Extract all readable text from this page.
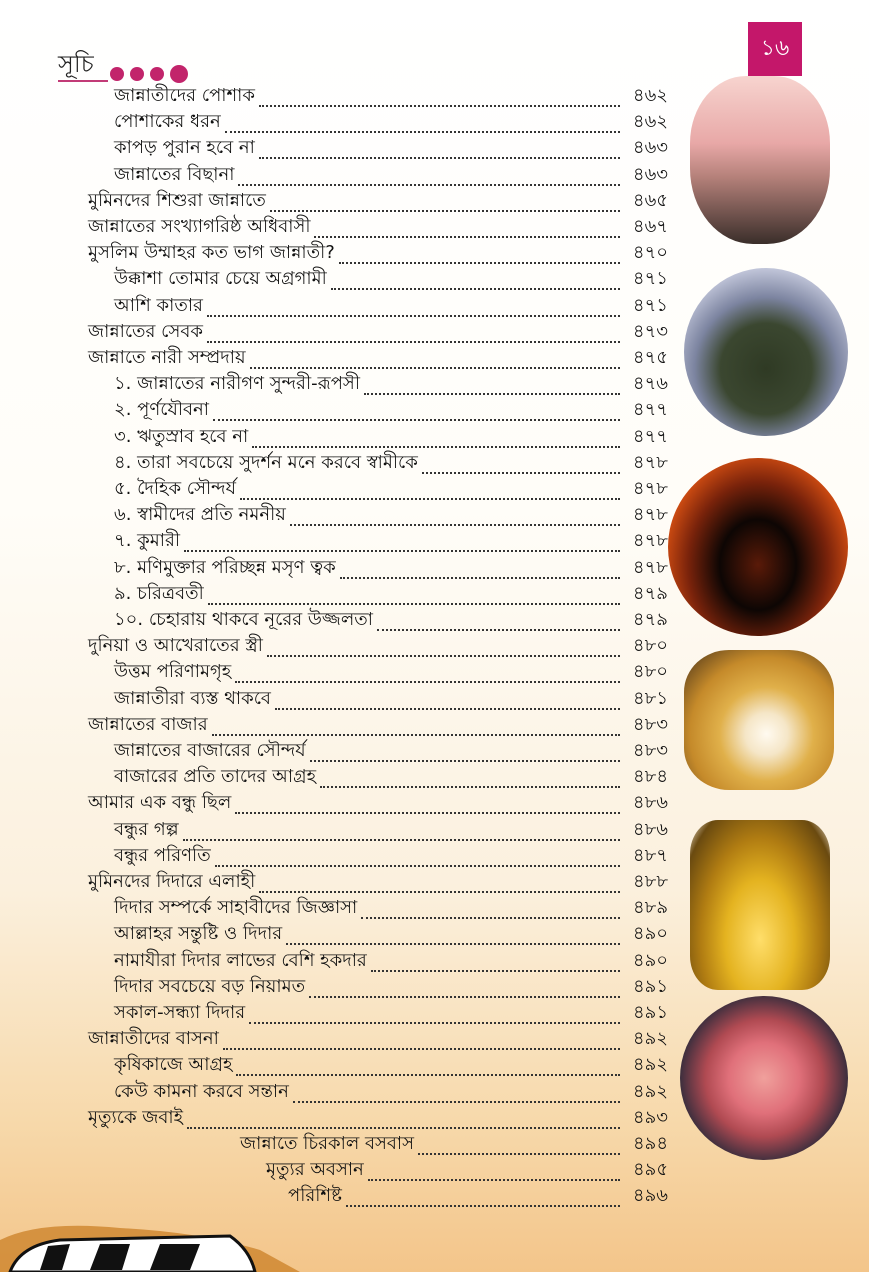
সূচি
১৬
জান্নাতীদের পোশাক	৪৬২
পোশাকের ধরন	৪৬২
কাপড় পুরান হবে না	৪৬৩
জান্নাতের বিছানা	৪৬৩
মুমিনদের শিশুরা জান্নাতে	৪৬৫
জান্নাতের সংখ্যাগরিষ্ঠ অধিবাসী	৪৬৭
মুসলিম উম্মাহর কত ভাগ জান্নাতী?	৪৭০
উক্কাশা তোমার চেয়ে অগ্রগামী	৪৭১
আশি কাতার	৪৭১
জান্নাতের সেবক	৪৭৩
জান্নাতে নারী সম্প্রদায়	৪৭৫
১. জান্নাতের নারীগণ সুন্দরী-রূপসী	৪৭৬
২. পূর্ণযৌবনা	৪৭৭
৩. ঋতুস্রাব হবে না	৪৭৭
৪. তারা সবচেয়ে সুদর্শন মনে করবে স্বামীকে	৪৭৮
৫. দৈহিক সৌন্দর্য	৪৭৮
৬. স্বামীদের প্রতি নমনীয়	৪৭৮
৭. কুমারী	৪৭৮
৮. মণিমুক্তার পরিচ্ছন্ন মসৃণ ত্বক	৪৭৮
৯. চরিত্রবতী	৪৭৯
১০. চেহারায় থাকবে নূরের উজ্জলতা	৪৭৯
দুনিয়া ও আখেরাতের স্ত্রী	৪৮০
উত্তম পরিণামগৃহ	৪৮০
জান্নাতীরা ব্যস্ত থাকবে	৪৮১
জান্নাতের বাজার	৪৮৩
জান্নাতের বাজারের সৌন্দর্য	৪৮৩
বাজারের প্রতি তাদের আগ্রহ	৪৮৪
আমার এক বন্ধু ছিল	৪৮৬
বন্ধুর গল্প	৪৮৬
বন্ধুর পরিণতি	৪৮৭
মুমিনদের দিদারে এলাহী	৪৮৮
দিদার সম্পর্কে সাহাবীদের জিজ্ঞাসা	৪৮৯
আল্লাহর সন্তুষ্টি ও দিদার	৪৯০
নামাযীরা দিদার লাভের বেশি হকদার	৪৯০
দিদার সবচেয়ে বড় নিয়ামত	৪৯১
সকাল-সন্ধ্যা দিদার	৪৯১
জান্নাতীদের বাসনা	৪৯২
কৃষিকাজে আগ্রহ	৪৯২
কেউ কামনা করবে সন্তান	৪৯২
মৃত্যুকে জবাই	৪৯৩
জান্নাতে চিরকাল বসবাস	৪৯৪
মৃত্যুর অবসান	৪৯৫
পরিশিষ্ট	৪৯৬
